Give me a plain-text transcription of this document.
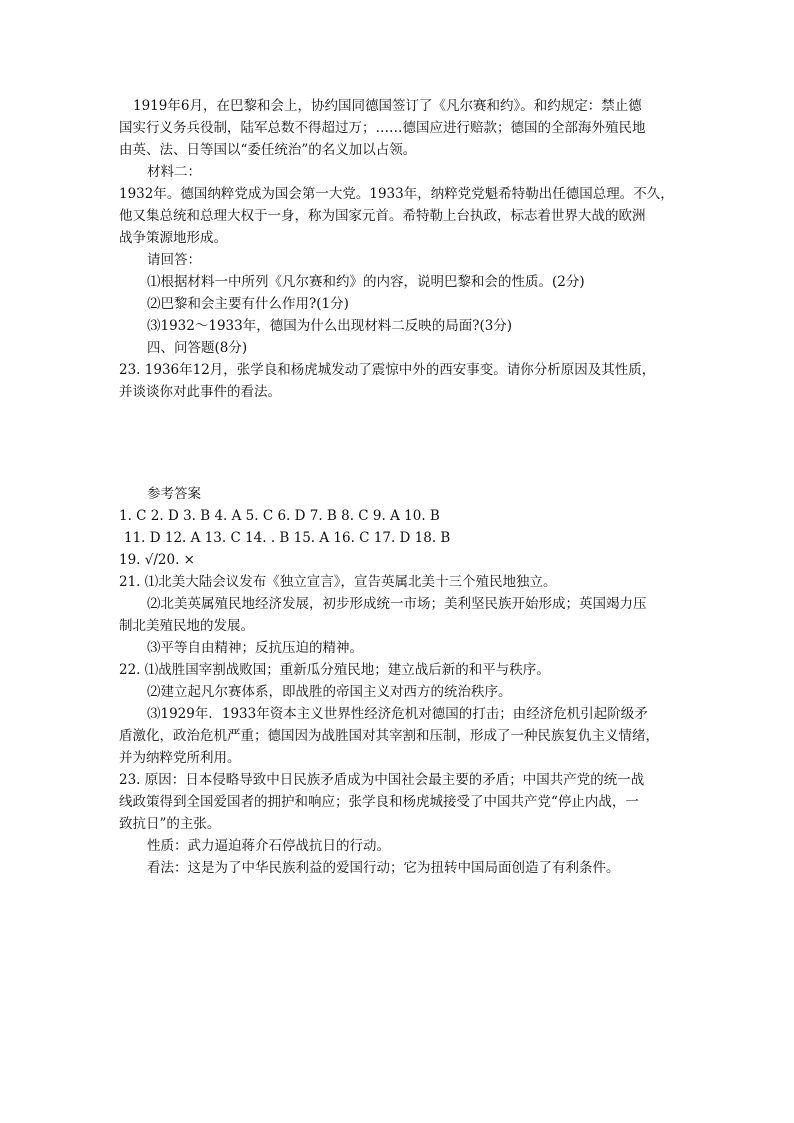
1919年6月，在巴黎和会上，协约国同德国签订了《凡尔赛和约》。和约规定：禁止德

国实行义务兵役制，陆军总数不得超过万；……德国应进行赔款；德国的全部海外殖民地

由英、法、日等国以“委任统治”的名义加以占领。

材料二：

1932年。德国纳粹党成为国会第一大党。1933年，纳粹党党魁希特勒出任德国总理。不久，

他又集总统和总理大权于一身，称为国家元首。希特勒上台执政，标志着世界大战的欧洲

战争策源地形成。

请回答：

⑴根据材料一中所列《凡尔赛和约》的内容，说明巴黎和会的性质。(2分)

⑵巴黎和会主要有什么作用?(1分)

⑶1932～1933年，德国为什么出现材料二反映的局面?(3分)

四、问答题(8分)

23. 1936年12月，张学良和杨虎城发动了震惊中外的西安事变。请你分析原因及其性质，

并谈谈你对此事件的看法。

参考答案

1. C 2. D 3. B 4. A 5. C 6. D 7. B 8. C 9. A 10. B

11. D 12. A 13. C 14. . B 15. A 16. C 17. D 18. B

19. √/20. ×

21. ⑴北美大陆会议发布《独立宣言》，宣告英属北美十三个殖民地独立。

⑵北美英属殖民地经济发展，初步形成统一市场；美利坚民族开始形成；英国竭力压

制北美殖民地的发展。

⑶平等自由精神；反抗压迫的精神。

22. ⑴战胜国宰割战败国；重新瓜分殖民地；建立战后新的和平与秩序。

⑵建立起凡尔赛体系，即战胜的帝国主义对西方的统治秩序。

⑶1929年．1933年资本主义世界性经济危机对德国的打击；由经济危机引起阶级矛

盾激化，政治危机严重；德国因为战胜国对其宰割和压制，形成了一种民族复仇主义情绪，

并为纳粹党所利用。

23. 原因：日本侵略导致中日民族矛盾成为中国社会最主要的矛盾；中国共产党的统一战

线政策得到全国爱国者的拥护和响应；张学良和杨虎城接受了中国共产党“停止内战，一

致抗日”的主张。

性质：武力逼迫蒋介石停战抗日的行动。

看法：这是为了中华民族利益的爱国行动；它为扭转中国局面创造了有利条件。
